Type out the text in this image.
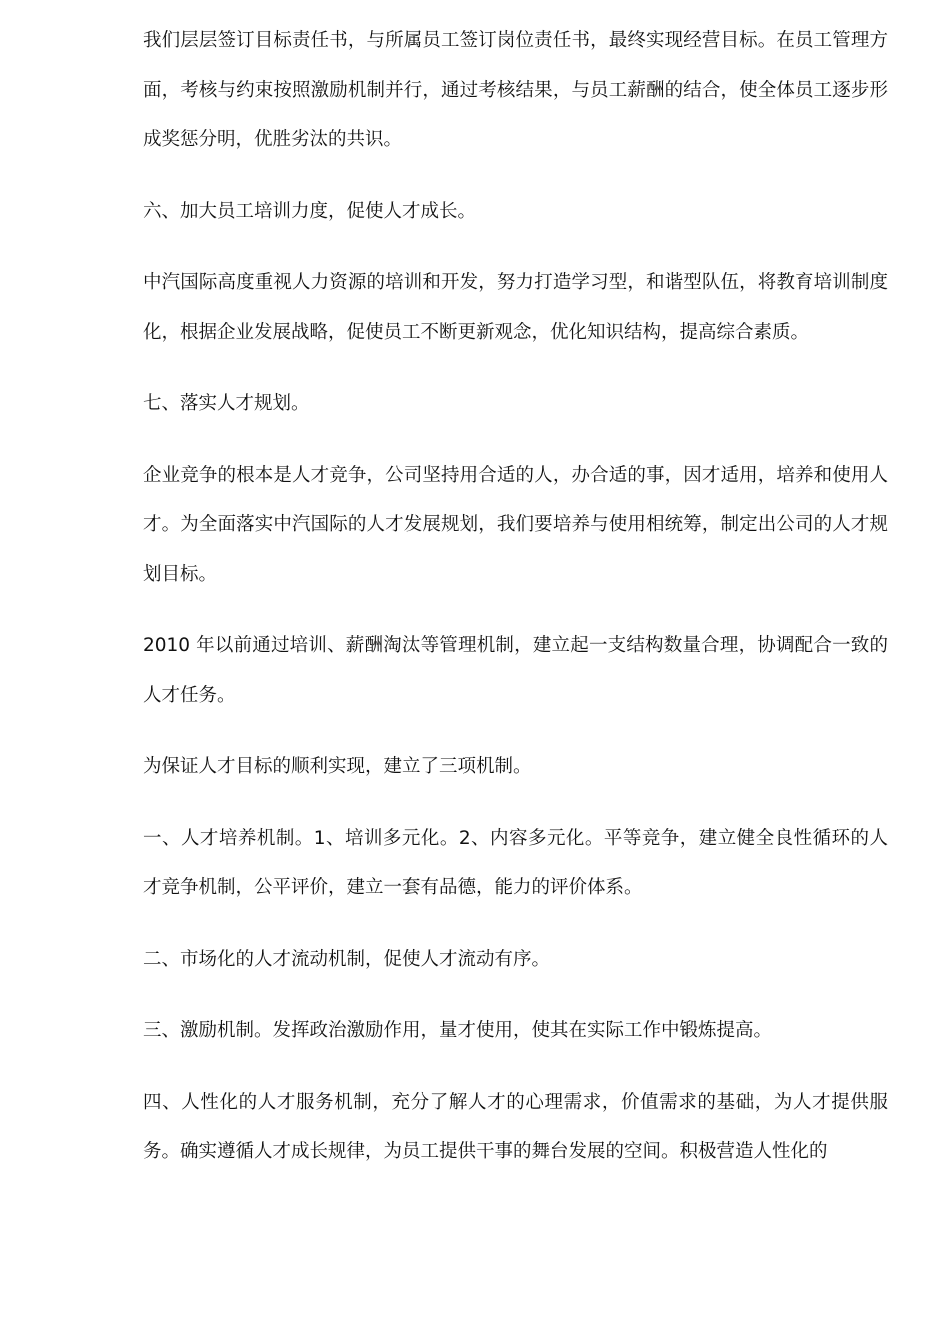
我们层层签订目标责任书，与所属员工签订岗位责任书，最终实现经营目标。在员工管理方面，考核与约束按照激励机制并行，通过考核结果，与员工薪酬的结合，使全体员工逐步形成奖惩分明，优胜劣汰的共识。

六、加大员工培训力度，促使人才成长。

中汽国际高度重视人力资源的培训和开发，努力打造学习型，和谐型队伍，将教育培训制度化，根据企业发展战略，促使员工不断更新观念，优化知识结构，提高综合素质。

七、落实人才规划。

企业竞争的根本是人才竞争，公司坚持用合适的人，办合适的事，因才适用，培养和使用人才。为全面落实中汽国际的人才发展规划，我们要培养与使用相统筹，制定出公司的人才规划目标。

2010 年以前通过培训、薪酬淘汰等管理机制，建立起一支结构数量合理，协调配合一致的人才任务。

为保证人才目标的顺利实现，建立了三项机制。

一、人才培养机制。1、培训多元化。2、内容多元化。平等竞争，建立健全良性循环的人才竞争机制，公平评价，建立一套有品德，能力的评价体系。

二、市场化的人才流动机制，促使人才流动有序。

三、激励机制。发挥政治激励作用，量才使用，使其在实际工作中锻炼提高。

四、人性化的人才服务机制，充分了解人才的心理需求，价值需求的基础，为人才提供服务。确实遵循人才成长规律，为员工提供干事的舞台发展的空间。积极营造人性化的
